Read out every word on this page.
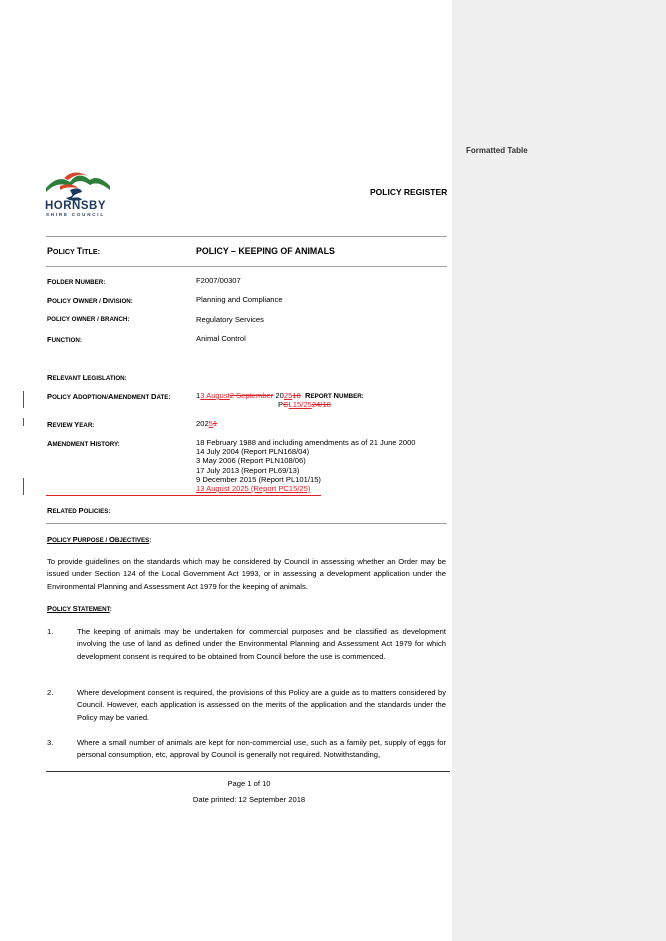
Formatted Table
HORNSBY
SHIRE COUNCIL
POLICY REGISTER
POLICY TITLE:	POLICY – KEEPING OF ANIMALS
FOLDER NUMBER:	F2007/00307
POLICY OWNER / DIVISION:	Planning and Compliance
POLICY OWNER / BRANCH:	Regulatory Services
FUNCTION:	Animal Control
RELEVANT LEGISLATION:
POLICY ADOPTION/AMENDMENT DATE:	13 August2 September 202518 REPORT NUMBER:
PCL15/2524/18
REVIEW YEAR:	20251
AMENDMENT HISTORY:	18 February 1988 and including amendments as of 21 June 2000
14 July 2004 (Report PLN168/04)
3 May 2006 (Report PLN108/06)
17 July 2013 (Report PL69/13)
9 December 2015 (Report PL101/15)
13 August 2025 (Report PC15/25)
RELATED POLICIES:
POLICY PURPOSE / OBJECTIVES:
To provide guidelines on the standards which may be considered by Council in assessing whether an Order may be issued under Section 124 of the Local Government Act 1993, or in assessing a development application under the Environmental Planning and Assessment Act 1979 for the keeping of animals.
POLICY STATEMENT:
1.	The keeping of animals may be undertaken for commercial purposes and be classified as development involving the use of land as defined under the Environmental Planning and Assessment Act 1979 for which development consent is required to be obtained from Council before the use is commenced.
2.	Where development consent is required, the provisions of this Policy are a guide as to matters considered by Council. However, each application is assessed on the merits of the application and the standards under the Policy may be varied.
3.	Where a small number of animals are kept for non-commercial use, such as a family pet, supply of eggs for personal consumption, etc, approval by Council is generally not required. Notwithstanding,
Page 1 of 10
Date printed: 12 September 2018
